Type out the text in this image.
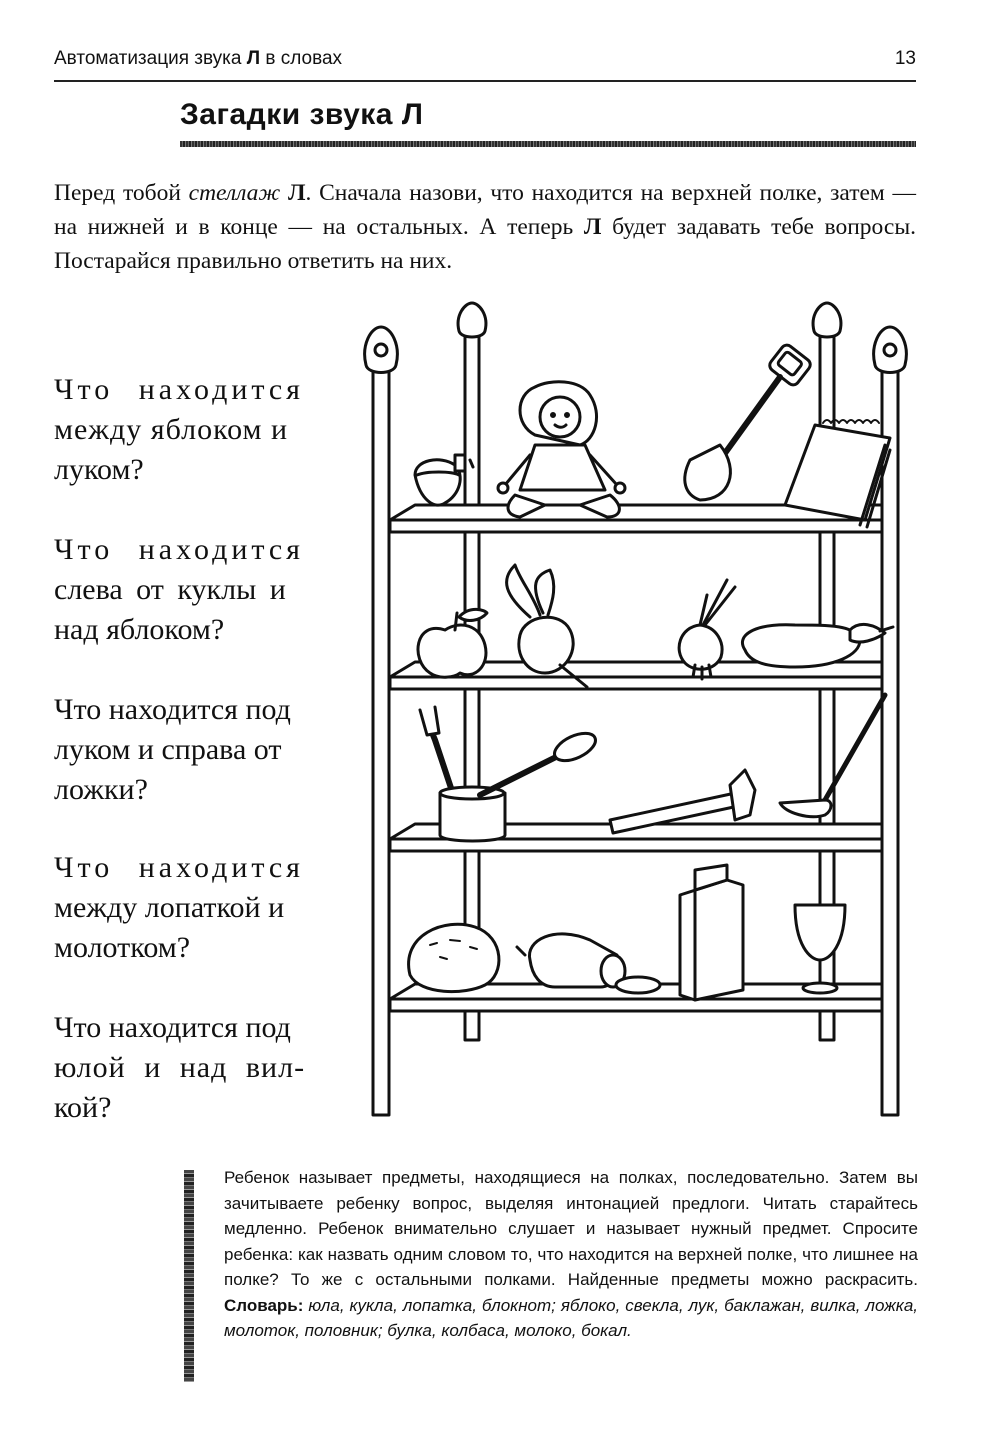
Автоматизация звука Л в словах	13
Загадки звука Л
Перед тобой стеллаж Л. Сначала назови, что находится на верхней полке, затем — на нижней и в конце — на остальных. А теперь Л будет задавать тебе вопросы. Постарайся правильно ответить на них.
Что находится
между яблоком и
луком?
Что находится
слева от куклы и
над яблоком?
Что находится под
луком и справа от
ложки?
Что находится
между лопаткой и
молотком?
Что находится под
юлой и над вил-
кой?
Ребенок называет предметы, находящиеся на полках, последовательно. Затем вы зачитываете ребенку вопрос, выделяя интонацией предлоги. Читать старайтесь медленно. Ребенок внимательно слушает и называет нужный предмет. Спросите ребенка: как назвать одним словом то, что находится на верхней полке, что лишнее на полке? То же с остальными полками. Найденные предметы можно раскрасить. Словарь: юла, кукла, лопатка, блокнот; яблоко, свекла, лук, баклажан, вилка, ложка, молоток, половник; булка, колбаса, молоко, бокал.
